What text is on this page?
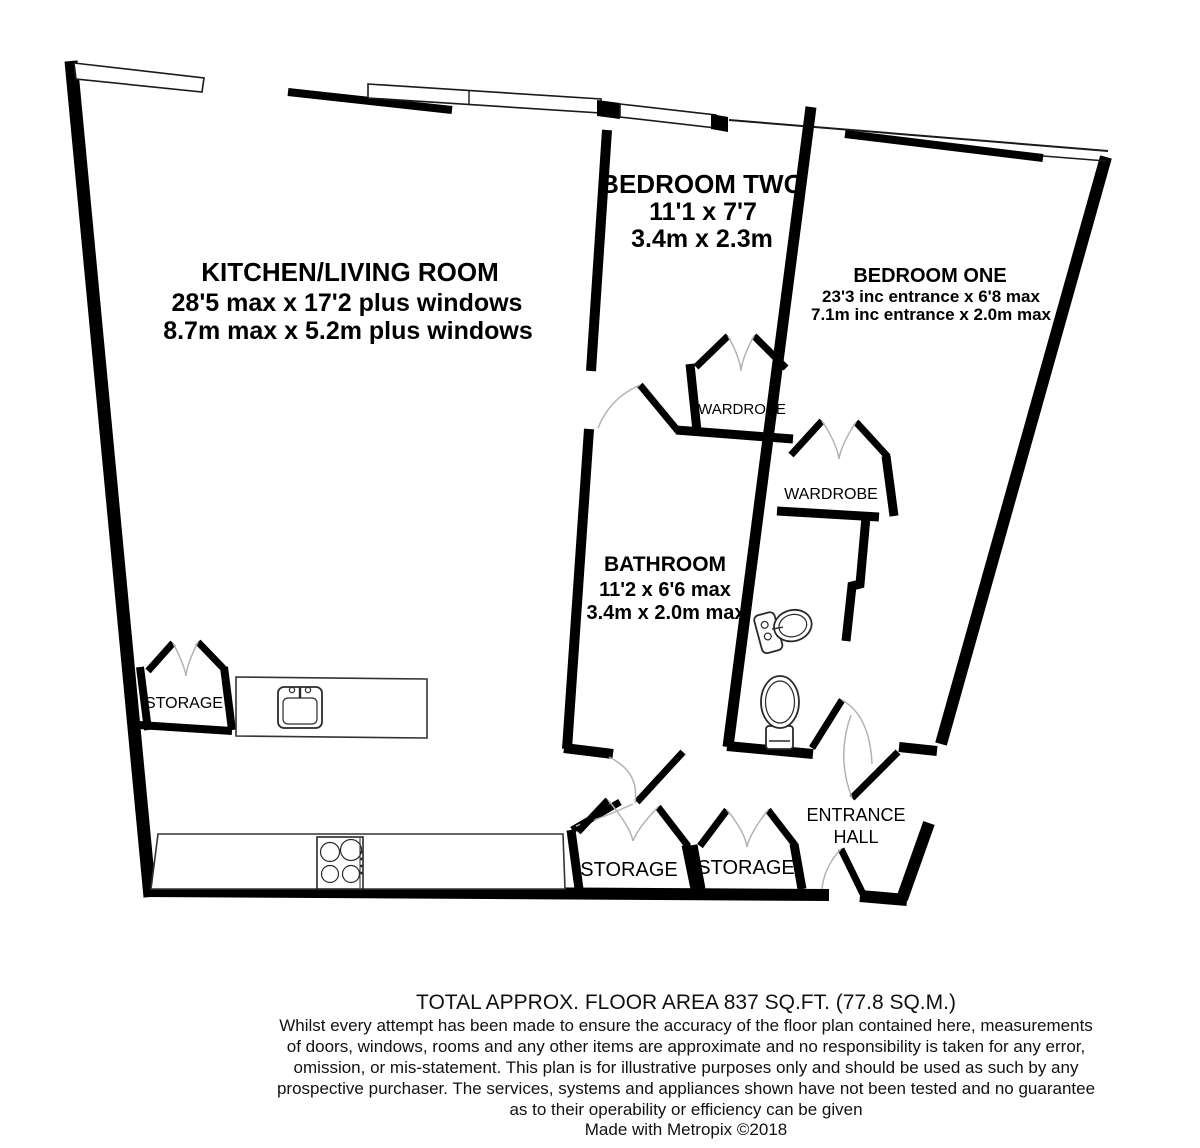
KITCHEN/LIVING ROOM
28'5 max x 17'2 plus windows
8.7m max x 5.2m plus windows
BEDROOM TWO
11'1 x 7'7
3.4m x 2.3m
BEDROOM ONE
23'3 inc entrance x 6'8 max
7.1m inc entrance x 2.0m max
BATHROOM
11'2 x 6'6 max
3.4m x 2.0m max
WARDROBE
WARDROBE
STORAGE
STORAGE STORAGE
ENTRANCE
HALL
TOTAL APPROX. FLOOR AREA 837 SQ.FT. (77.8 SQ.M.)
Whilst every attempt has been made to ensure the accuracy of the floor plan contained here, measurements
of doors, windows, rooms and any other items are approximate and no responsibility is taken for any error,
omission, or mis-statement. This plan is for illustrative purposes only and should be used as such by any
prospective purchaser. The services, systems and appliances shown have not been tested and no guarantee
as to their operability or efficiency can be given
Made with Metropix ©2018
